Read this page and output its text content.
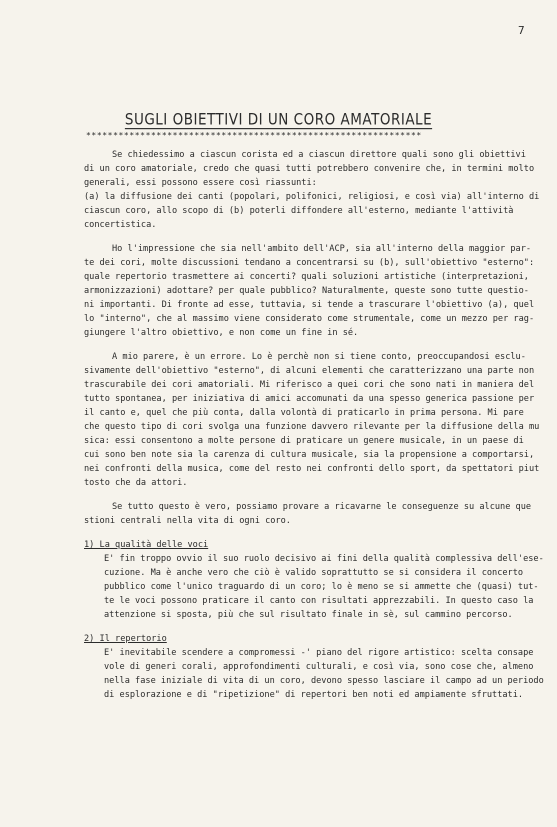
7
SUGLI OBIETTIVI DI UN CORO AMATORIALE
**************************************************************
Se chiedessimo a ciascun corista ed a ciascun direttore quali sono gli obiettivi
di un coro amatoriale, credo che quasi tutti potrebbero convenire che, in termini molto
generali, essi possono essere così riassunti:
(a) la diffusione dei canti (popolari, polifonici, religiosi, e così via) all'interno di
ciascun coro, allo scopo di (b) poterli diffondere all'esterno, mediante l'attività
concertistica.
Ho l'impressione che sia nell'ambito dell'ACP, sia all'interno della maggior par-
te dei cori, molte discussioni tendano a concentrarsi su (b), sull'obiettivo "esterno":
quale repertorio trasmettere ai concerti? quali soluzioni artistiche (interpretazioni,
armonizzazioni) adottare? per quale pubblico? Naturalmente, queste sono tutte questio-
ni importanti. Di fronte ad esse, tuttavia, si tende a trascurare l'obiettivo (a), quel
lo "interno", che al massimo viene considerato come strumentale, come un mezzo per rag-
giungere l'altro obiettivo, e non come un fine in sé.
A mio parere, è un errore. Lo è perchè non si tiene conto, preoccupandosi esclu-
sivamente dell'obiettivo "esterno", di alcuni elementi che caratterizzano una parte non
trascurabile dei cori amatoriali. Mi riferisco a quei cori che sono nati in maniera del
tutto spontanea, per iniziativa di amici accomunati da una spesso generica passione per
il canto e, quel che più conta, dalla volontà di praticarlo in prima persona. Mi pare
che questo tipo di cori svolga una funzione davvero rilevante per la diffusione della mu
sica: essi consentono a molte persone di praticare un genere musicale, in un paese di
cui sono ben note sia la carenza di cultura musicale, sia la propensione a comportarsi,
nei confronti della musica, come del resto nei confronti dello sport, da spettatori piut
tosto che da attori.
Se tutto questo è vero, possiamo provare a ricavarne le conseguenze su alcune que
stioni centrali nella vita di ogni coro.
1) La qualità delle voci
E' fin troppo ovvio il suo ruolo decisivo ai fini della qualità complessiva dell'ese-
cuzione. Ma è anche vero che ciò è valido soprattutto se si considera il concerto
pubblico come l'unico traguardo di un coro; lo è meno se si ammette che (quasi) tut-
te le voci possono praticare il canto con risultati apprezzabili. In questo caso la
attenzione si sposta, più che sul risultato finale in sè, sul cammino percorso.
2) Il repertorio
E' inevitabile scendere a compromessi -' piano del rigore artistico: scelta consape
vole di generi corali, approfondimenti culturali, e così via, sono cose che, almeno
nella fase iniziale di vita di un coro, devono spesso lasciare il campo ad un periodo
di esplorazione e di "ripetizione" di repertori ben noti ed ampiamente sfruttati.
